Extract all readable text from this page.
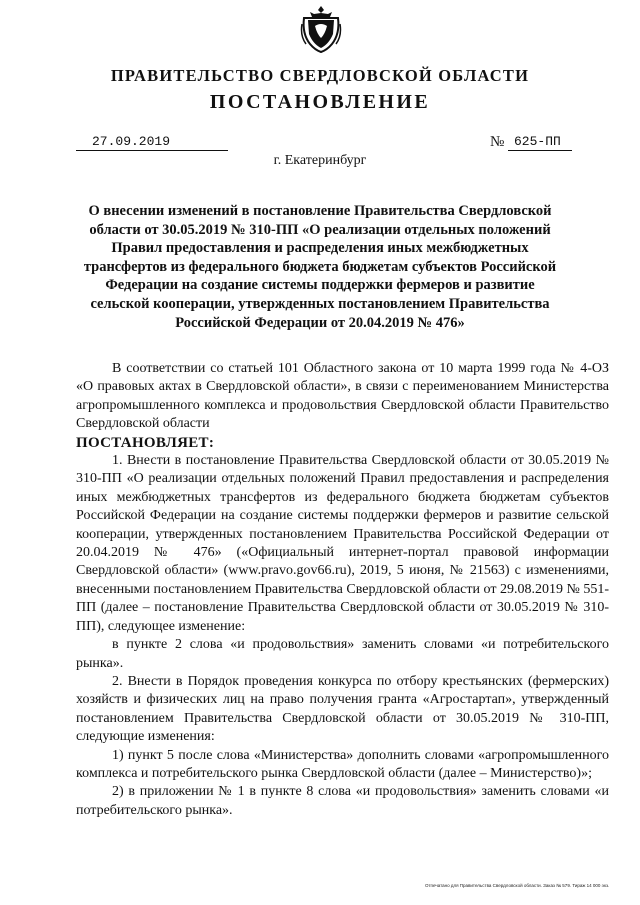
ПРАВИТЕЛЬСТВО СВЕРДЛОВСКОЙ ОБЛАСТИ
ПОСТАНОВЛЕНИЕ
27.09.2019	№ 625-ПП
г. Екатеринбург
О внесении изменений в постановление Правительства Свердловской области от 30.05.2019 № 310-ПП «О реализации отдельных положений Правил предоставления и распределения иных межбюджетных трансфертов из федерального бюджета бюджетам субъектов Российской Федерации на создание системы поддержки фермеров и развитие сельской кооперации, утвержденных постановлением Правительства Российской Федерации от 20.04.2019 № 476»

В соответствии со статьей 101 Областного закона от 10 марта 1999 года № 4-ОЗ «О правовых актах в Свердловской области», в связи с переименованием Министерства агропромышленного комплекса и продовольствия Свердловской области Правительство Свердловской области

ПОСТАНОВЛЯЕТ:

1. Внести в постановление Правительства Свердловской области от 30.05.2019 № 310-ПП «О реализации отдельных положений Правил предоставления и распределения иных межбюджетных трансфертов из федерального бюджета бюджетам субъектов Российской Федерации на создание системы поддержки фермеров и развитие сельской кооперации, утвержденных постановлением Правительства Российской Федерации от 20.04.2019 № 476» («Официальный интернет-портал правовой информации Свердловской области» (www.pravo.gov66.ru), 2019, 5 июня, № 21563) с изменениями, внесенными постановлением Правительства Свердловской области от 29.08.2019 № 551-ПП (далее – постановление Правительства Свердловской области от 30.05.2019 № 310-ПП), следующее изменение:

в пункте 2 слова «и продовольствия» заменить словами «и потребительского рынка».

2. Внести в Порядок проведения конкурса по отбору крестьянских (фермерских) хозяйств и физических лиц на право получения гранта «Агростартап», утвержденный постановлением Правительства Свердловской области от 30.05.2019 № 310-ПП, следующие изменения:

1) пункт 5 после слова «Министерства» дополнить словами «агропромышленного комплекса и потребительского рынка Свердловской области (далее – Министерство)»;

2) в приложении № 1 в пункте 8 слова «и продовольствия» заменить словами «и потребительского рынка».

Отпечатано для Правительства Свердловской области. Заказ № 579. Тираж 14 000 экз.
